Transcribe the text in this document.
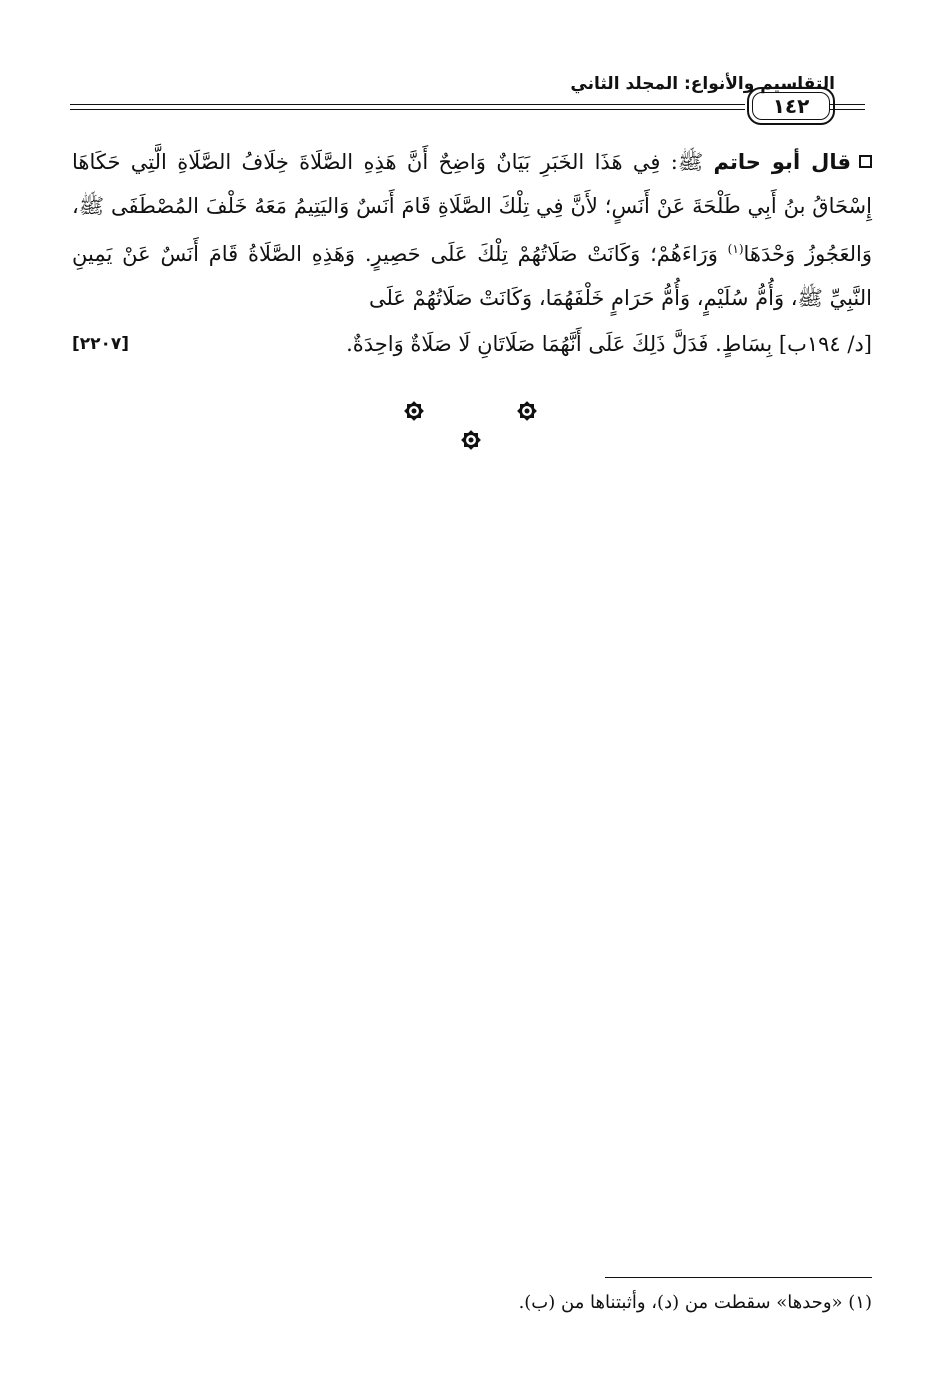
التقاسيم والأنواع: المجلد الثاني
١٤٢
قال أبو حاتم ﷺ: فِي هَذَا الخَبَرِ بَيَانٌ وَاضِحٌ أَنَّ هَذِهِ الصَّلَاةَ خِلَافُ الصَّلَاةِ الَّتِي حَكَاهَا إِسْحَاقُ بنُ أَبِي طَلْحَةَ عَنْ أَنَسٍ؛ لأَنَّ فِي تِلْكَ الصَّلَاةِ قَامَ أَنَسٌ وَاليَتِيمُ مَعَهُ خَلْفَ المُصْطَفَى ﷺ، وَالعَجُوزُ وَحْدَهَا$^{(١)}$ وَرَاءَهُمْ؛ وَكَانَتْ صَلَاتُهُمْ تِلْكَ عَلَى حَصِيرٍ. وَهَذِهِ الصَّلَاةُ قَامَ أَنَسٌ عَنْ يَمِينِ النَّبِيِّ ﷺ، وَأُمُّ سُلَيْمٍ، وَأُمُّ حَرَامٍ خَلْفَهُمَا، وَكَانَتْ صَلَاتُهُمْ عَلَى
[د/ ١٩٤ب] بِسَاطٍ. فَدَلَّ ذَلِكَ عَلَى أَنَّهُمَا صَلَاتَانِ لَا صَلَاةٌ وَاحِدَةٌ.
[٢٢٠٧]
(١) «وحدها» سقطت من (د)، وأثبتناها من (ب).
